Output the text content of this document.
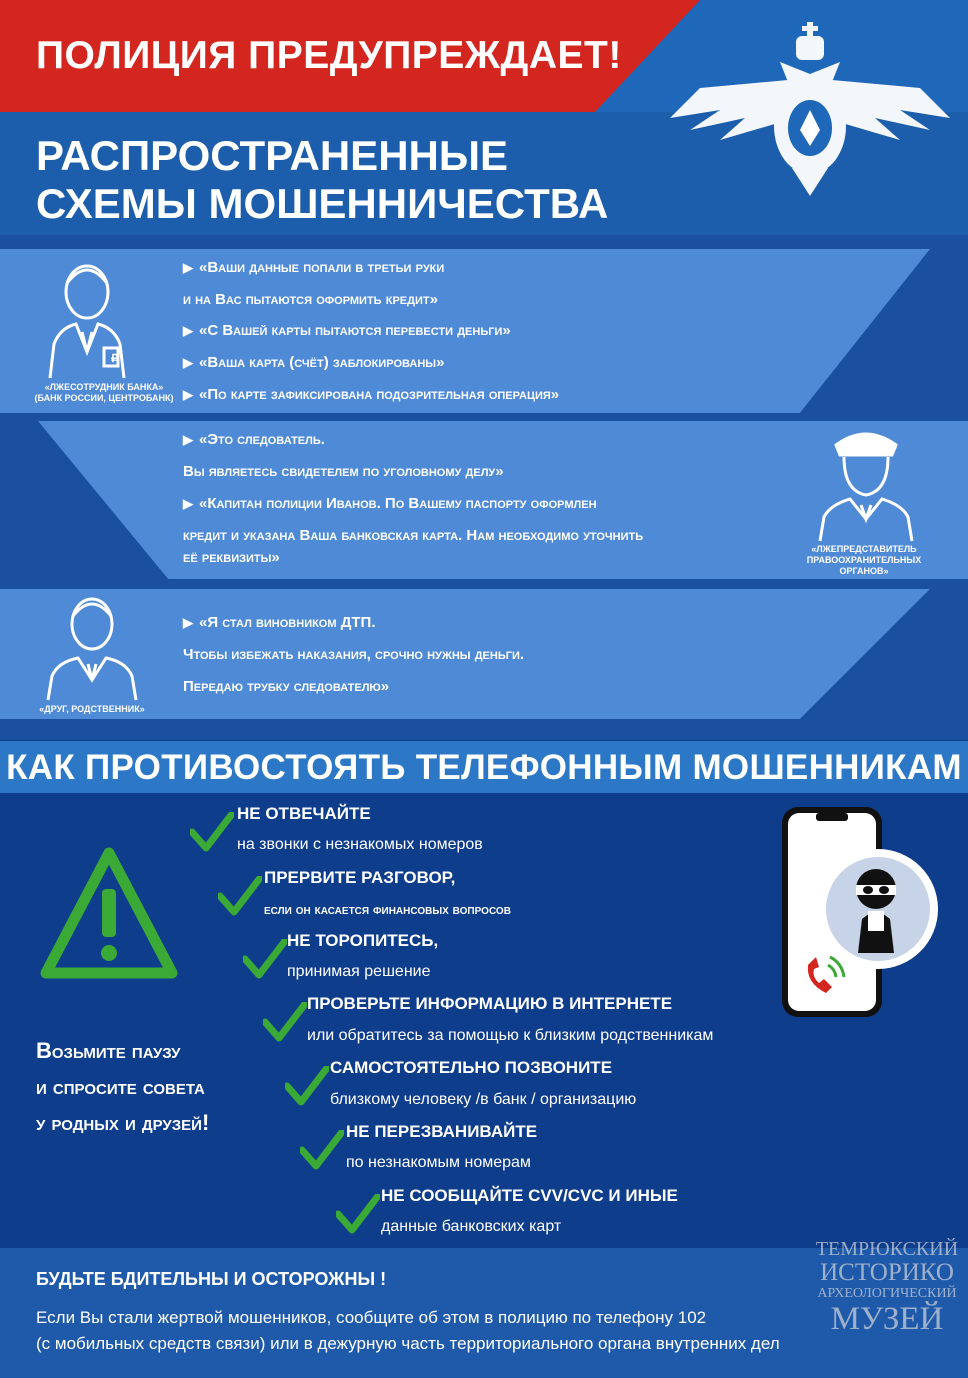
ПОЛИЦИЯ ПРЕДУПРЕЖДАЕТ!
РАСПРОСТРАНЕННЫЕ
СХЕМЫ МОШЕННИЧЕСТВА
₽
«ЛЖЕСОТРУДНИК БАНКА»
(БАНК РОССИИ, ЦЕНТРОБАНК)
▶ «Ваши данные попали в третьи руки
и на Вас пытаются оформить кредит»
▶ «С Вашей карты пытаются перевести деньги»
▶ «Ваша карта (счёт) заблокированы»
▶ «По карте зафиксирована подозрительная операция»
«ЛЖЕПРЕДСТАВИТЕЛЬ
ПРАВООХРАНИТЕЛЬНЫХ
ОРГАНОВ»
▶ «Это следователь.
Вы являетесь свидетелем по уголовному делу»
▶ «Капитан полиции Иванов. По Вашему паспорту оформлен
кредит и указана Ваша банковская карта. Нам необходимо уточнить
её реквизиты»
«ДРУГ, РОДСТВЕННИК»
▶ «Я стал виновником ДТП.
Чтобы избежать наказания, срочно нужны деньги.
Передаю трубку следователю»
КАК ПРОТИВОСТОЯТЬ ТЕЛЕФОННЫМ МОШЕННИКАМ
Возьмите паузу
и спросите совета
у родных и друзей!
НЕ ОТВЕЧАЙТЕ
на звонки с незнакомых номеров
ПРЕРВИТЕ РАЗГОВОР,
если он касается финансовых вопросов
НЕ ТОРОПИТЕСЬ,
принимая решение
ПРОВЕРЬТЕ ИНФОРМАЦИЮ В ИНТЕРНЕТЕ
или обратитесь за помощью к близким родственникам
САМОСТОЯТЕЛЬНО ПОЗВОНИТЕ
близкому человеку /в банк / организацию
НЕ ПЕРЕЗВАНИВАЙТЕ
по незнакомым номерам
НЕ СООБЩАЙТЕ CVV/CVC И ИНЫЕ
данные банковских карт
БУДЬТЕ БДИТЕЛЬНЫ И ОСТОРОЖНЫ !
Если Вы стали жертвой мошенников, сообщите об этом в полицию по телефону 102
(с мобильных средств связи) или в дежурную часть территориального органа внутренних дел
ТЕМРЮКСКИЙ
ИСТОРИКО
АРХЕОЛОГИЧЕСКИЙ
МУЗЕЙ
